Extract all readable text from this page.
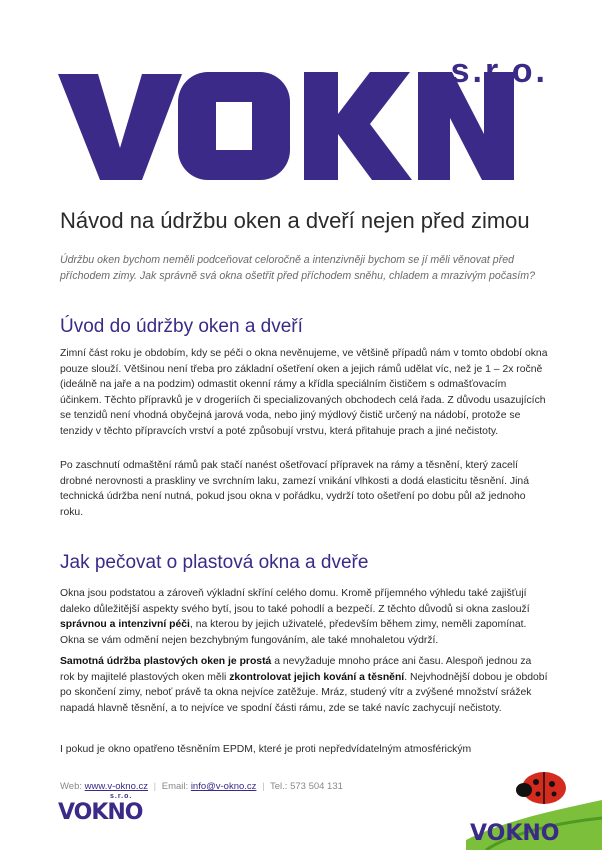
s.r.o.
Návod na údržbu oken a dveří nejen před zimou
Údržbu oken bychom neměli podceňovat celoročně a intenzivněji bychom se jí měli věnovat před příchodem zimy. Jak správně svá okna ošetřit před příchodem sněhu, chladem a mrazivým počasím?
Úvod do údržby oken a dveří
Zimní část roku je obdobím, kdy se péči o okna nevěnujeme, ve většině případů nám v tomto období okna pouze slouží. Většinou není třeba pro základní ošetření oken a jejich rámů udělat víc, než je 1 – 2x ročně (ideálně na jaře a na podzim) odmastit okenní rámy a křídla speciálním čističem s odmašťovacím účinkem. Těchto přípravků je v drogeriích či specializovaných obchodech celá řada. Z důvodu usazujících se tenzidů není vhodná obyčejná jarová voda, nebo jiný mýdlový čistič určený na nádobí, protože se tenzidy v těchto přípravcích vrství a poté způsobují vrstvu, která přitahuje prach a jiné nečistoty.
Po zaschnutí odmaštění rámů pak stačí nanést ošetřovací přípravek na rámy a těsnění, který zacelí drobné nerovnosti a praskliny ve svrchním laku, zamezí vnikání vlhkosti a dodá elasticitu těsnění. Jiná technická údržba není nutná, pokud jsou okna v pořádku, vydrží toto ošetření po dobu půl až jednoho roku.
Jak pečovat o plastová okna a dveře
Okna jsou podstatou a zároveň výkladní skříní celého domu. Kromě příjemného výhledu také zajišťují daleko důležitější aspekty svého bytí, jsou to také pohodlí a bezpečí. Z těchto důvodů si okna zaslouží správnou a intenzivní péči, na kterou by jejich uživatelé, především během zimy, neměli zapomínat. Okna se vám odmění nejen bezchybným fungováním, ale také mnohaletou výdrží.
Samotná údržba plastových oken je prostá a nevyžaduje mnoho práce ani času. Alespoň jednou za rok by majitelé plastových oken měli zkontrolovat jejich kování a těsnění. Nejvhodnější dobou je období po skončení zimy, neboť právě ta okna nejvíce zatěžuje. Mráz, studený vítr a zvýšené množství srážek napadá hlavně těsnění, a to nejvíce ve spodní části rámu, zde se také navíc zachycují nečistoty.
I pokud je okno opatřeno těsněním EPDM, které je proti nepředvídatelným atmosférickým
Web: www.v-okno.cz | Email: info@v-okno.cz | Tel.: 573 504 131
VOKNO
s.r.o.
VOKNO
